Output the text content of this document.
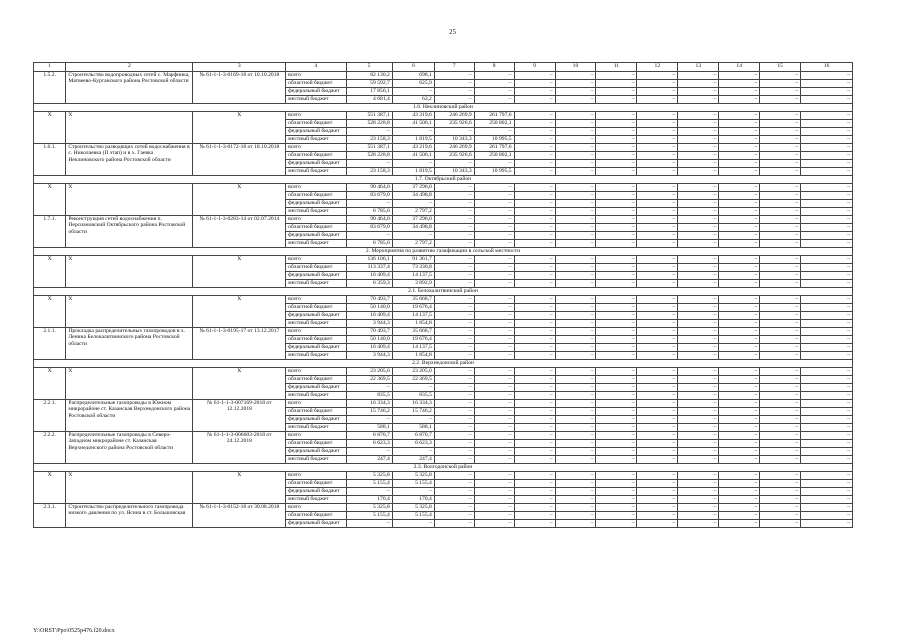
25
1	2	3	4	5	6	7	8	9	10	11	12	13	14	15	16
1.5.2.	Строительство водопроводных сетей с. Марфинка, Матвеево-Курганского района Ростовской области	№ 61-1-1-3-0169-18 от 10.10.2018	всего	82 130,2	698,1	–	–	–	–	–	–	–	–	–	–
			областной бюджет	59 592,7	625,9	–	–	–	–	–	–	–	–	–	–
			федеральный бюджет	17 856,1	–	–	–	–	–	–	–	–	–	–	–
			местный бюджет	4 681,4	62,2	–	–	–	–	–	–	–	–	–	–
1.6. Неклиновский район															
Х	Х	Х	всего	551 387,1	43 319,6	246 269,9	261 797,6	–	–	–	–	–	–	–	–
			областной бюджет	528 228,8	41 500,1	235 926,6	250 802,1	–	–	–	–	–	–	–	–
			федеральный бюджет	–	–	–	–	–	–	–	–	–	–	–	–
			местный бюджет	23 158,3	1 819,5	10 343,3	10 995,5	–	–	–	–	–	–	–	–
1.6.1.	Строительство разводящих сетей водоснабжения в с. Николаевка (II этап) и в х. Гаевка Неклиновского района Ростовской области	№ 61-1-1-3-0172-18 от 18.10.2018	всего	551 387,1	43 219,6	246 269,9	261 797,6	–	–	–	–	–	–	–	–
			областной бюджет	528 228,8	41 500,1	235 926,6	250 802,1	–	–	–	–	–	–	–	–
			федеральный бюджет	–	–	–	–	–	–	–	–	–	–	–	–
			местный бюджет	23 158,3	1 819,5	10 343,3	10 995,5	–	–	–	–	–	–	–	–
1.7. Октябрьский район															
Х	Х	Х	всего	90 464,0	37 296,0	–	–	–	–	–	–	–	–	–	–
			областной бюджет	83 679,0	34 498,8	–	–	–	–	–	–	–	–	–	–
			федеральный бюджет	–	–	–	–	–	–	–	–	–	–	–	–
			местный бюджет	6 785,0	2 797,2	–	–	–	–	–	–	–	–	–	–
1.7.1.	Реконструкция сетей водоснабжения п. Персиановский Октябрьского района Ростовской области	№ 61-1-1-3-0283-14 от 02.07.2014	всего	90 464,0	37 296,0	–	–	–	–	–	–	–	–	–	–
			областной бюджет	83 679,0	34 498,8	–	–	–	–	–	–	–	–	–	–
			федеральный бюджет	–	–	–	–	–	–	–	–	–	–	–	–
			местный бюджет	6 785,0	2 797,2	–	–	–	–	–	–	–	–	–	–
2. Мероприятия по развитию газификации в сельской местности															
Х	Х	Х	всего	136 106,1	91 361,7	–	–	–	–	–	–	–	–	–	–
			областной бюджет	113 337,4	73 330,8	–	–	–	–	–	–	–	–	–	–
			федеральный бюджет	16 409,4	14 137,5	–	–	–	–	–	–	–	–	–	–
			местный бюджет	6 359,3	3 892,9	–	–	–	–	–	–	–	–	–	–
2.1. Белокалитвинский район															
Х	Х	Х	всего	70 493,7	35 668,7	–	–	–	–	–	–	–	–	–	–
			областной бюджет	50 140,0	19 676,4	–	–	–	–	–	–	–	–	–	–
			федеральный бюджет	16 409,4	14 137,5	–	–	–	–	–	–	–	–	–	–
			местный бюджет	3 944,3	1 854,8	–	–	–	–	–	–	–	–	–	–
2.1.1.	Прокладка распределительных газопроводов в х. Ленина Белокалитвинского района Ростовской области	№ 61-1-1-3-0195-17 от 13.12.2017	всего	70 493,7	35 668,7	–	–	–	–	–	–	–	–	–	–
			областной бюджет	50 140,0	19 676,4	–	–	–	–	–	–	–	–	–	–
			федеральный бюджет	16 409,4	14 137,5	–	–	–	–	–	–	–	–	–	–
			местный бюджет	3 944,3	1 854,8	–	–	–	–	–	–	–	–	–	–
2.2. Верхнедонской район															
Х	Х	Х	всего	23 205,0	23 205,0	–	–	–	–	–	–	–	–	–	–
			областной бюджет	22 369,5	22 369,5	–	–	–	–	–	–	–	–	–	–
			федеральный бюджет	–	–	–	–	–	–	–	–	–	–	–	–
			местный бюджет	835,5	835,5	–	–	–	–	–	–	–	–	–	–
2.2.1.	Распределительные газопроводы в Южном микрорайоне ст. Казанская Верхнедонского района Ростовской области	№ 61-1-1-3-007169-2018 от 12.12.2018	всего	16 334,3	16 334,3	–	–	–	–	–	–	–	–	–	–
			областной бюджет	15 746,2	15 746,2	–	–	–	–	–	–	–	–	–	–
			федеральный бюджет	–	–	–	–	–	–	–	–	–	–	–	–
			местный бюджет	588,1	588,1	–	–	–	–	–	–	–	–	–	–
2.2.2.	Распределительные газопроводы в Северо-Западном микрорайоне ст. Казанская Верхнедонского района Ростовской области	№ 61-1-1-3-006603-2018 от 24.12.2018	всего	6 870,7	6 870,7	–	–	–	–	–	–	–	–	–	–
			областной бюджет	6 623,3	6 623,3	–	–	–	–	–	–	–	–	–	–
			федеральный бюджет	–	–	–	–	–	–	–	–	–	–	–	–
			местный бюджет	247,4	247,4	–	–	–	–	–	–	–	–	–	–
2.3. Волгодонской район															
Х	Х	Х	всего	5 325,8	5 325,8	–	–	–	–	–	–	–	–	–	–
			областной бюджет	5 155,4	5 155,4	–	–	–	–	–	–	–	–	–	–
			федеральный бюджет	–	–	–	–	–	–	–	–	–	–	–	–
			местный бюджет	170,4	170,4	–	–	–	–	–	–	–	–	–	–
2.3.1.	Строительство распределительного газопровода низкого давления по ул. Ясина в ст. Большовская	№ 61-1-1-3-0152-18 от 30.08.2018	всего	5 325,8	5 325,8	–	–	–	–	–	–	–	–	–	–
			областной бюджет	5 155,4	5 155,4	–	–	–	–	–	–	–	–	–	–
			федеральный бюджет	–	–	–	–	–	–	–	–	–	–	–	–
Y:\ORST\Ppo\0525p476.f20.docx
